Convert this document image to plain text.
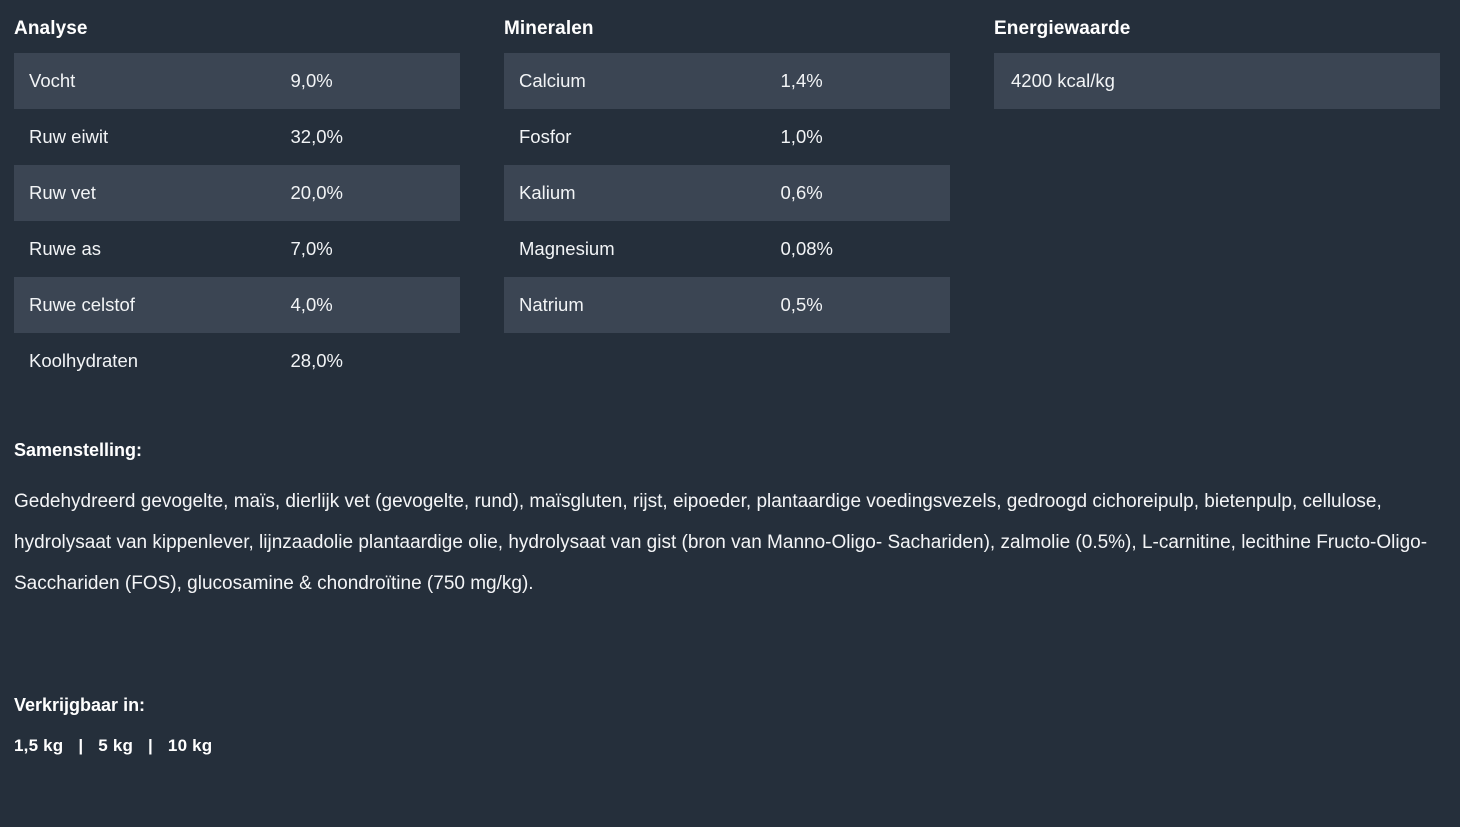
Analyse
Vocht	9,0%
Ruw eiwit	32,0%
Ruw vet	20,0%
Ruwe as	7,0%
Ruwe celstof	4,0%
Koolhydraten	28,0%
Mineralen
Calcium	1,4%
Fosfor	1,0%
Kalium	0,6%
Magnesium	0,08%
Natrium	0,5%
Energiewaarde
4200 kcal/kg
Samenstelling:

Gedehydreerd gevogelte, maïs, dierlijk vet (gevogelte, rund), maïsgluten, rijst, eipoeder, plantaardige voedingsvezels, gedroogd cichoreipulp, bietenpulp, cellulose, hydrolysaat van kippenlever, lijnzaadolie plantaardige olie, hydrolysaat van gist (bron van Manno-Oligo- Sachariden), zalmolie (0.5%), L-carnitine, lecithine Fructo-Oligo-Sacchariden (FOS), glucosamine & chondroïtine (750 mg/kg).

Verkrijgbaar in:
1,5 kg | 5 kg | 10 kg
